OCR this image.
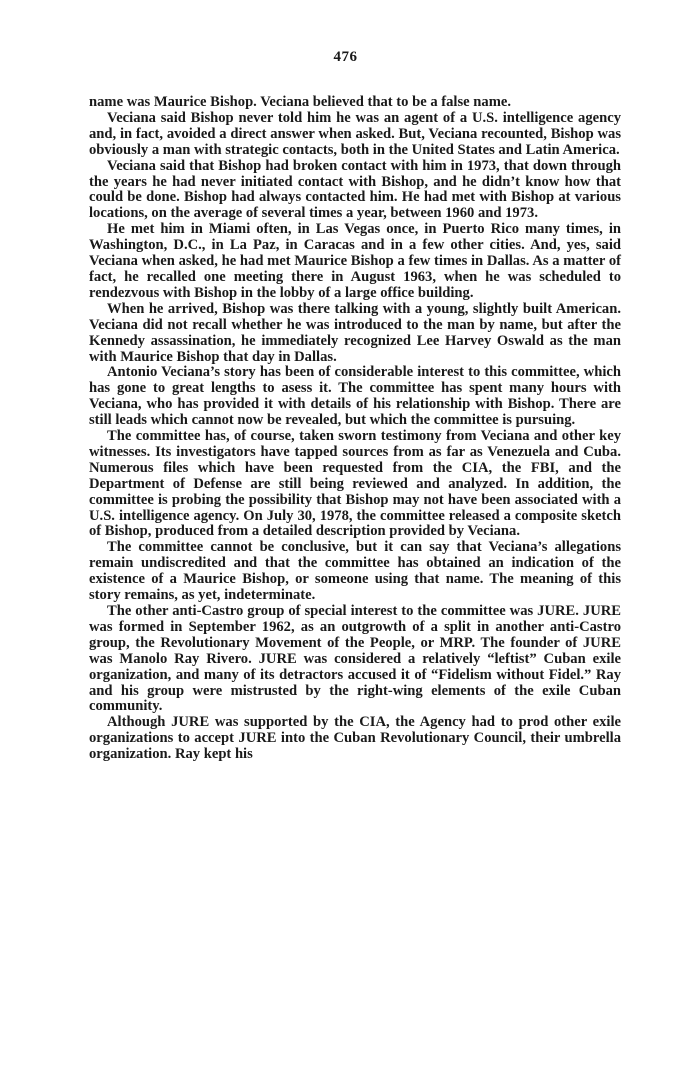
476

name was Maurice Bishop. Veciana believed that to be a false name.

Veciana said Bishop never told him he was an agent of a U.S. intelligence agency and, in fact, avoided a direct answer when asked. But, Veciana recounted, Bishop was obviously a man with strategic contacts, both in the United States and Latin America.

Veciana said that Bishop had broken contact with him in 1973, that down through the years he had never initiated contact with Bishop, and he didn’t know how that could be done. Bishop had always contacted him. He had met with Bishop at various locations, on the average of several times a year, between 1960 and 1973.

He met him in Miami often, in Las Vegas once, in Puerto Rico many times, in Washington, D.C., in La Paz, in Caracas and in a few other cities. And, yes, said Veciana when asked, he had met Maurice Bishop a few times in Dallas. As a matter of fact, he recalled one meeting there in August 1963, when he was scheduled to rendezvous with Bishop in the lobby of a large office building.

When he arrived, Bishop was there talking with a young, slightly built American. Veciana did not recall whether he was introduced to the man by name, but after the Kennedy assassination, he immediately recognized Lee Harvey Oswald as the man with Maurice Bishop that day in Dallas.

Antonio Veciana’s story has been of considerable interest to this committee, which has gone to great lengths to asess it. The committee has spent many hours with Veciana, who has provided it with details of his relationship with Bishop. There are still leads which cannot now be revealed, but which the committee is pursuing.

The committee has, of course, taken sworn testimony from Veciana and other key witnesses. Its investigators have tapped sources from as far as Venezuela and Cuba. Numerous files which have been requested from the CIA, the FBI, and the Department of Defense are still being reviewed and analyzed. In addition, the committee is probing the possibility that Bishop may not have been associated with a U.S. intelligence agency. On July 30, 1978, the committee released a composite sketch of Bishop, produced from a detailed description provided by Veciana.

The committee cannot be conclusive, but it can say that Veciana’s allegations remain undiscredited and that the committee has obtained an indication of the existence of a Maurice Bishop, or someone using that name. The meaning of this story remains, as yet, indeterminate.

The other anti-Castro group of special interest to the committee was JURE. JURE was formed in September 1962, as an outgrowth of a split in another anti-Castro group, the Revolutionary Movement of the People, or MRP. The founder of JURE was Manolo Ray Rivero. JURE was considered a relatively “leftist” Cuban exile organization, and many of its detractors accused it of “Fidelism without Fidel.” Ray and his group were mistrusted by the right-wing elements of the exile Cuban community.

Although JURE was supported by the CIA, the Agency had to prod other exile organizations to accept JURE into the Cuban Revolutionary Council, their umbrella organization. Ray kept his
